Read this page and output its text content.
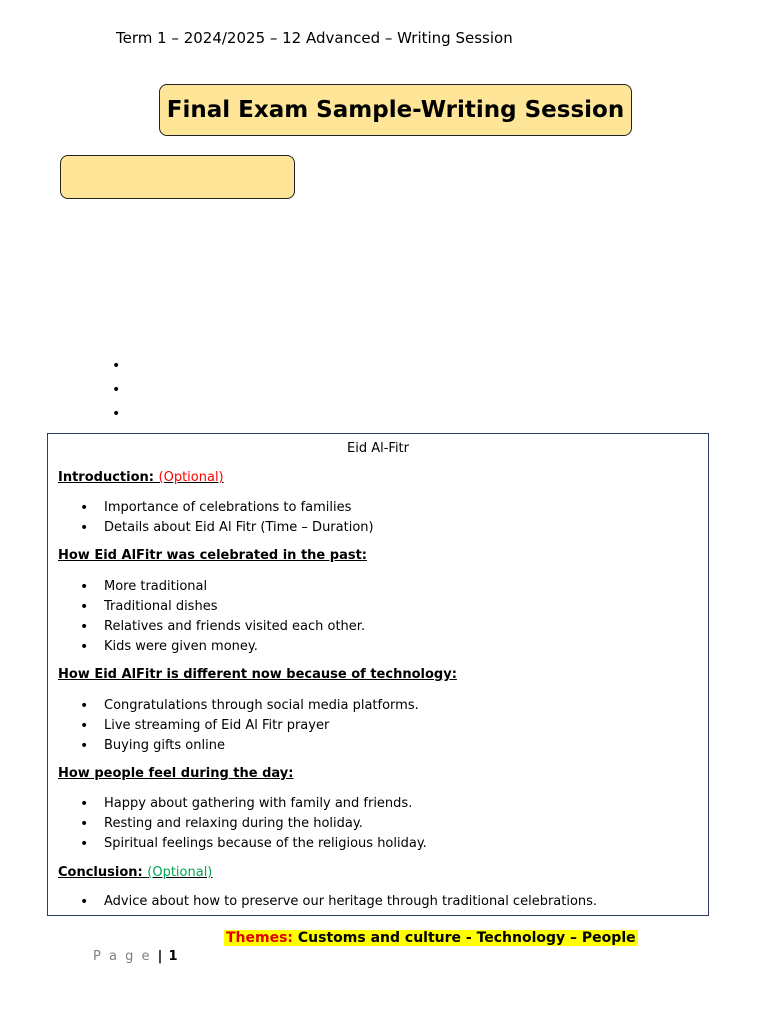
Term 1 – 2024/2025 – 12 Advanced – Writing Session
Final Exam Sample-Writing Session
•
•
•
Eid Al-Fitr
Introduction: (Optional)
• Importance of celebrations to families
• Details about Eid Al Fitr (Time – Duration)
How Eid AlFitr was celebrated in the past:
• More traditional
• Traditional dishes
• Relatives and friends visited each other.
• Kids were given money.
How Eid AlFitr is different now because of technology:
• Congratulations through social media platforms.
• Live streaming of Eid Al Fitr prayer
• Buying gifts online
How people feel during the day:
• Happy about gathering with family and friends.
• Resting and relaxing during the holiday.
• Spiritual feelings because of the religious holiday.
Conclusion: (Optional)
• Advice about how to preserve our heritage through traditional celebrations.
Themes: Customs and culture - Technology – People
P a g e | 1
